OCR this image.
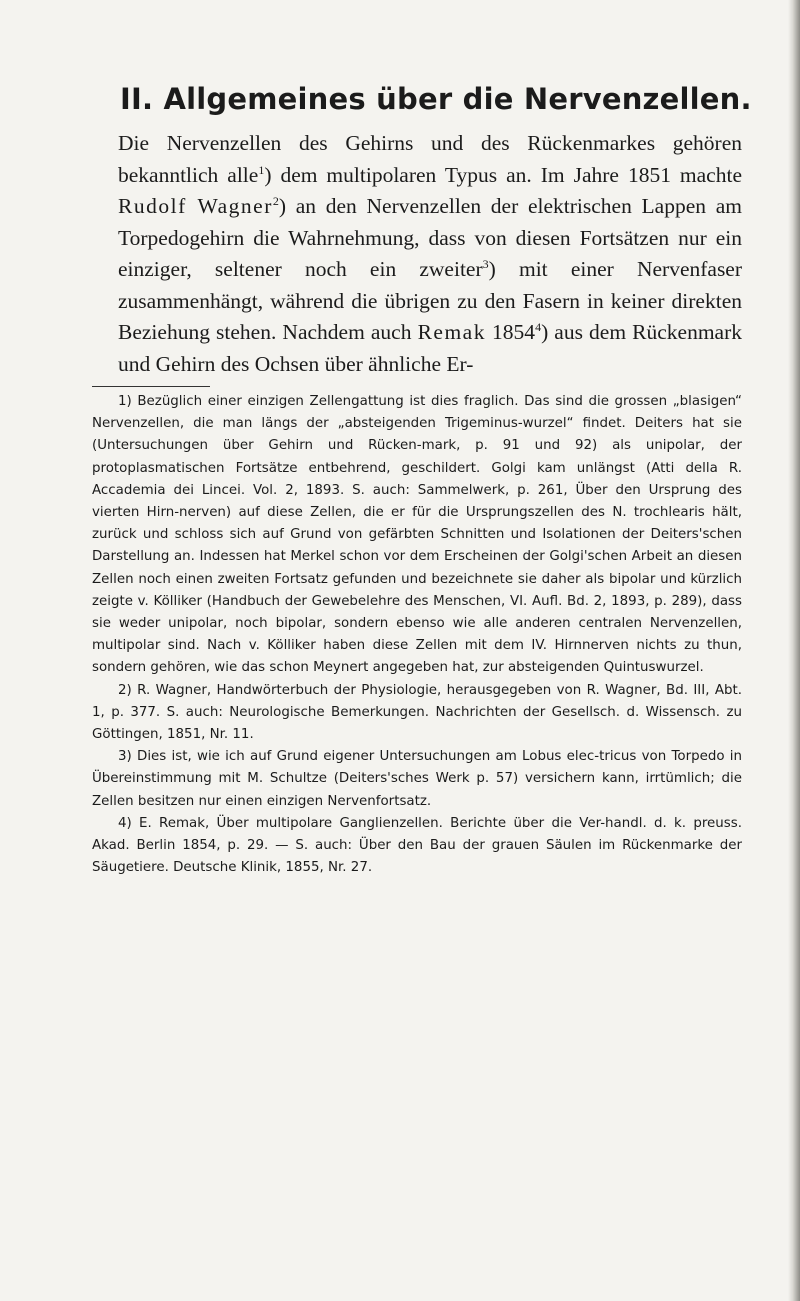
II. Allgemeines über die Nervenzellen.

Die Nervenzellen des Gehirns und des Rückenmarkes gehören bekanntlich alle$^1$) dem multipolaren Typus an. Im Jahre 1851 machte Rudolf Wagner$^2$) an den Nervenzellen der elektrischen Lappen am Torpedogehirn die Wahrnehmung, dass von diesen Fortsätzen nur ein einziger, seltener noch ein zweiter$^3$) mit einer Nervenfaser zusammenhängt, während die übrigen zu den Fasern in keiner direkten Beziehung stehen. Nachdem auch Remak 1854$^4$) aus dem Rückenmark und Gehirn des Ochsen über ähnliche Er-

1) Bezüglich einer einzigen Zellengattung ist dies fraglich. Das sind die grossen „blasigen“ Nervenzellen, die man längs der „absteigenden Trigeminus-wurzel“ findet. Deiters hat sie (Untersuchungen über Gehirn und Rücken-mark, p. 91 und 92) als unipolar, der protoplasmatischen Fortsätze entbehrend, geschildert. Golgi kam unlängst (Atti della R. Accademia dei Lincei. Vol. 2, 1893. S. auch: Sammelwerk, p. 261, Über den Ursprung des vierten Hirn-nerven) auf diese Zellen, die er für die Ursprungszellen des N. trochlearis hält, zurück und schloss sich auf Grund von gefärbten Schnitten und Isolationen der Deiters'schen Darstellung an. Indessen hat Merkel schon vor dem Erscheinen der Golgi'schen Arbeit an diesen Zellen noch einen zweiten Fortsatz gefunden und bezeichnete sie daher als bipolar und kürzlich zeigte v. Kölliker (Handbuch der Gewebelehre des Menschen, VI. Aufl. Bd. 2, 1893, p. 289), dass sie weder unipolar, noch bipolar, sondern ebenso wie alle anderen centralen Nervenzellen, multipolar sind. Nach v. Kölliker haben diese Zellen mit dem IV. Hirnnerven nichts zu thun, sondern gehören, wie das schon Meynert angegeben hat, zur absteigenden Quintuswurzel.

2) R. Wagner, Handwörterbuch der Physiologie, herausgegeben von R. Wagner, Bd. III, Abt. 1, p. 377. S. auch: Neurologische Bemerkungen. Nachrichten der Gesellsch. d. Wissensch. zu Göttingen, 1851, Nr. 11.

3) Dies ist, wie ich auf Grund eigener Untersuchungen am Lobus elec-tricus von Torpedo in Übereinstimmung mit M. Schultze (Deiters'sches Werk p. 57) versichern kann, irrtümlich; die Zellen besitzen nur einen einzigen Nervenfortsatz.

4) E. Remak, Über multipolare Ganglienzellen. Berichte über die Ver-handl. d. k. preuss. Akad. Berlin 1854, p. 29. — S. auch: Über den Bau der grauen Säulen im Rückenmarke der Säugetiere. Deutsche Klinik, 1855, Nr. 27.
